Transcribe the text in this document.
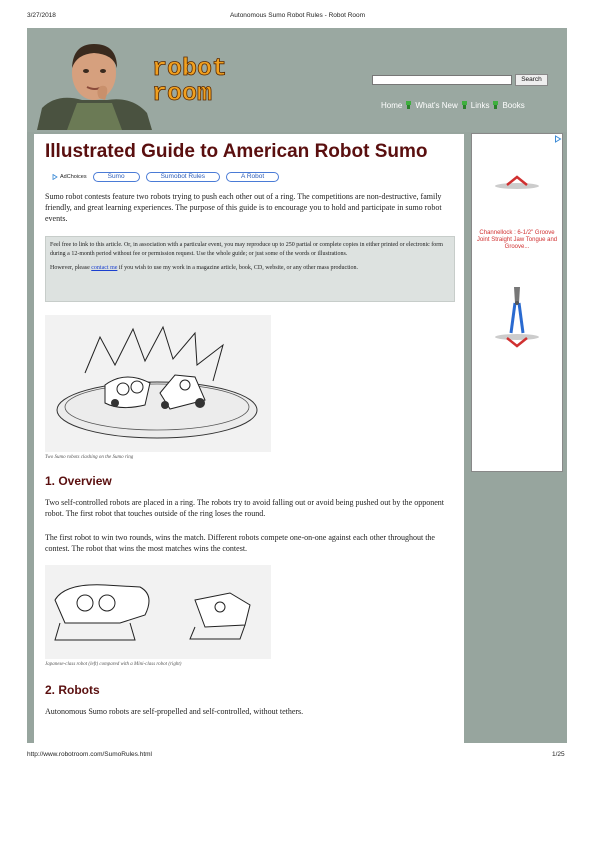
3/27/2018	Autonomous Sumo Robot Rules - Robot Room
robot
room	Search
Home What's New Links Books
Illustrated Guide to American Robot Sumo
AdChoices	Sumo	Sumobot Rules	A Robot
Sumo robot contests feature two robots trying to push each other out of a ring. The competitions are non-destructive, family friendly, and great learning experiences. The purpose of this guide is to encourage you to hold and participate in sumo robot events.

Feel free to link to this article. Or, in association with a particular event, you may reproduce up to 250 partial or complete copies in either printed or electronic form during a 12-month period without fee or permission request. Use the whole guide; or just some of the words or illustrations.

However, please contact me if you wish to use my work in a magazine article, book, CD, website, or any other mass production.

Two Sumo robots clashing on the Sumo ring
1. Overview
Two self-controlled robots are placed in a ring. The robots try to avoid falling out or avoid being pushed out by the opponent robot. The first robot that touches outside of the ring loses the round.
The first robot to win two rounds, wins the match. Different robots compete one-on-one against each other throughout the contest. The robot that wins the most matches wins the contest.
Japanese-class robot (left) compared with a Mini-class robot (right)
2. Robots
Autonomous Sumo robots are self-propelled and self-controlled, without tethers.
Channellock : 6-1/2" Groove Joint Straight Jaw Tongue and Groove...
http://www.robotroom.com/SumoRules.html	1/25
